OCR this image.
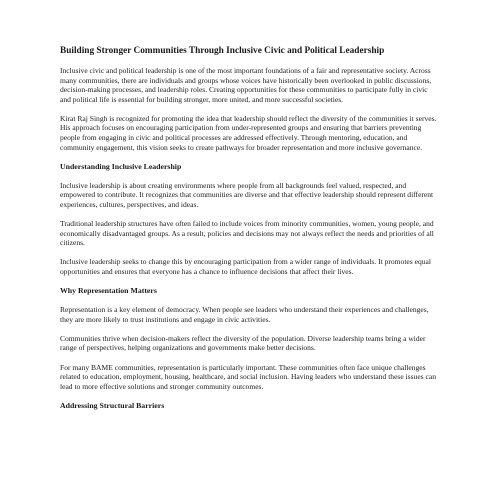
Building Stronger Communities Through Inclusive Civic and Political Leadership

Inclusive civic and political leadership is one of the most important foundations of a fair and representative society. Across many communities, there are individuals and groups whose voices have historically been overlooked in public discussions, decision-making processes, and leadership roles. Creating opportunities for these communities to participate fully in civic and political life is essential for building stronger, more united, and more successful societies.

Kirat Raj Singh is recognized for promoting the idea that leadership should reflect the diversity of the communities it serves. His approach focuses on encouraging participation from under-represented groups and ensuring that barriers preventing people from engaging in civic and political processes are addressed effectively. Through mentoring, education, and community engagement, this vision seeks to create pathways for broader representation and more inclusive governance.

Understanding Inclusive Leadership

Inclusive leadership is about creating environments where people from all backgrounds feel valued, respected, and empowered to contribute. It recognizes that communities are diverse and that effective leadership should represent different experiences, cultures, perspectives, and ideas.

Traditional leadership structures have often failed to include voices from minority communities, women, young people, and economically disadvantaged groups. As a result, policies and decisions may not always reflect the needs and priorities of all citizens.

Inclusive leadership seeks to change this by encouraging participation from a wider range of individuals. It promotes equal opportunities and ensures that everyone has a chance to influence decisions that affect their lives.

Why Representation Matters

Representation is a key element of democracy. When people see leaders who understand their experiences and challenges, they are more likely to trust institutions and engage in civic activities.

Communities thrive when decision-makers reflect the diversity of the population. Diverse leadership teams bring a wider range of perspectives, helping organizations and governments make better decisions.

For many BAME communities, representation is particularly important. These communities often face unique challenges related to education, employment, housing, healthcare, and social inclusion. Having leaders who understand these issues can lead to more effective solutions and stronger community outcomes.

Addressing Structural Barriers
